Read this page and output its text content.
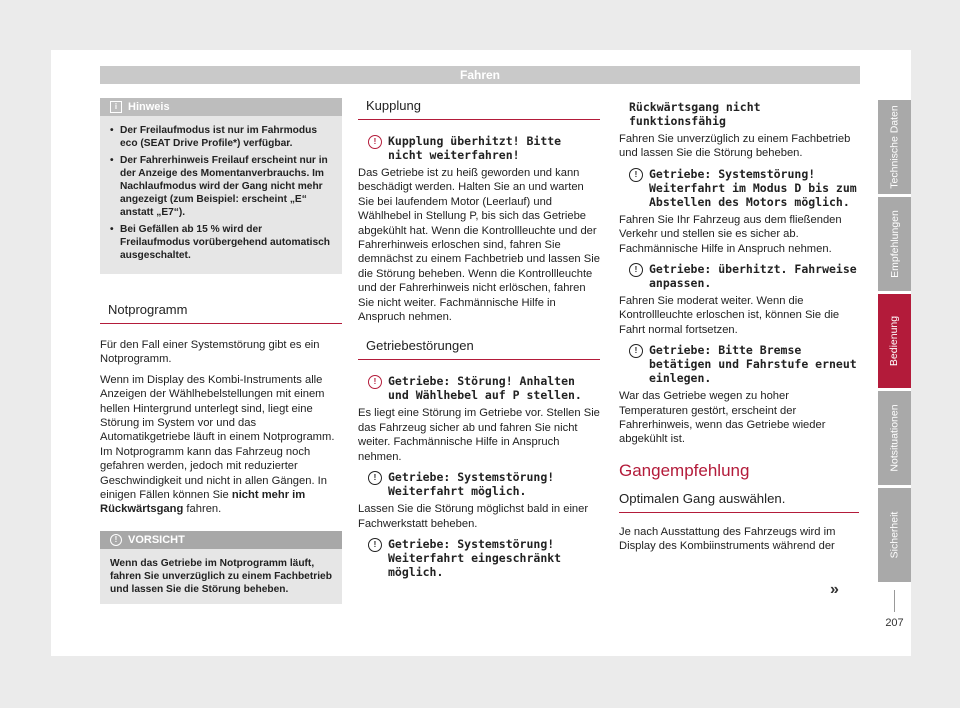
Fahren
i Hinweis
• Der Freilaufmodus ist nur im Fahrmodus eco (SEAT Drive Profile*) verfügbar.
• Der Fahrerhinweis Freilauf erscheint nur in der Anzeige des Momentanverbrauchs. Im Nachlaufmodus wird der Gang nicht mehr angezeigt (zum Beispiel: erscheint „E“ anstatt „E7“).
• Bei Gefällen ab 15 % wird der Freilaufmodus vorübergehend automatisch ausgeschaltet.
Notprogramm

Für den Fall einer Systemstörung gibt es ein Notprogramm.

Wenn im Display des Kombi-Instruments alle Anzeigen der Wählhebelstellungen mit einem hellen Hintergrund unterlegt sind, liegt eine Störung im System vor und das Automatikgetriebe läuft in einem Notprogramm. Im Notprogramm kann das Fahrzeug noch gefahren werden, jedoch mit reduzierter Geschwindigkeit und nicht in allen Gängen. In einigen Fällen können Sie nicht mehr im Rückwärtsgang fahren.

! VORSICHT

Wenn das Getriebe im Notprogramm läuft, fahren Sie unverzüglich zu einem Fachbetrieb und lassen Sie die Störung beheben.

Kupplung
!	Kupplung überhitzt! Bitte nicht weiterfahren!

Das Getriebe ist zu heiß geworden und kann beschädigt werden. Halten Sie an und warten Sie bei laufendem Motor (Leerlauf) und Wählhebel in Stellung P, bis sich das Getriebe abgekühlt hat. Wenn die Kontrollleuchte und der Fahrerhinweis erloschen sind, fahren Sie demnächst zu einem Fachbetrieb und lassen Sie die Störung beheben. Wenn die Kontrollleuchte und der Fahrerhinweis nicht erlöschen, fahren Sie nicht weiter. Fachmännische Hilfe in Anspruch nehmen.

Getriebestörungen
!	Getriebe: Störung! Anhalten und Wählhebel auf P stellen.

Es liegt eine Störung im Getriebe vor. Stellen Sie das Fahrzeug sicher ab und fahren Sie nicht weiter. Fachmännische Hilfe in Anspruch nehmen.

!	Getriebe: Systemstörung! Weiterfahrt möglich.

Lassen Sie die Störung möglichst bald in einer Fachwerkstatt beheben.

!	Getriebe: Systemstörung! Weiterfahrt eingeschränkt möglich.
Rückwärtsgang nicht funktionsfähig

Fahren Sie unverzüglich zu einem Fachbetrieb und lassen Sie die Störung beheben.

!	Getriebe: Systemstörung! Weiterfahrt im Modus D bis zum Abstellen des Motors möglich.

Fahren Sie Ihr Fahrzeug aus dem fließenden Verkehr und stellen sie es sicher ab. Fachmännische Hilfe in Anspruch nehmen.

!	Getriebe: überhitzt. Fahrweise anpassen.

Fahren Sie moderat weiter. Wenn die Kontrollleuchte erloschen ist, können Sie die Fahrt normal fortsetzen.

!	Getriebe: Bitte Bremse betätigen und Fahrstufe erneut einlegen.

War das Getriebe wegen zu hoher Temperaturen gestört, erscheint der Fahrerhinweis, wenn das Getriebe wieder abgekühlt ist.

Gangempfehlung
Optimalen Gang auswählen.

Je nach Ausstattung des Fahrzeugs wird im Display des Kombiinstruments während der

Technische Daten
Empfehlungen
Bedienung
Notsituationen
Sicherheit
»
207
